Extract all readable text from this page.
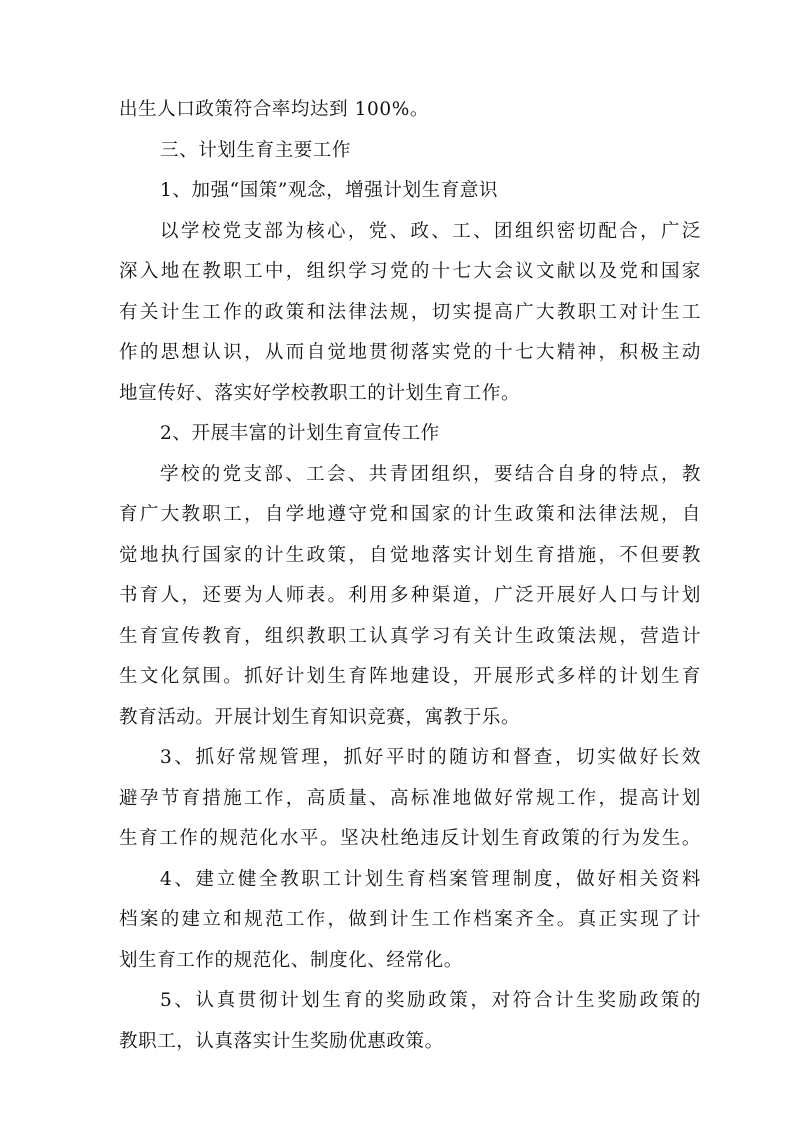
出生人口政策符合率均达到 100%。
三、计划生育主要工作
1、加强“国策”观念，增强计划生育意识
以学校党支部为核心，党、政、工、团组织密切配合，广泛
深入地在教职工中，组织学习党的十七大会议文献以及党和国家
有关计生工作的政策和法律法规，切实提高广大教职工对计生工
作的思想认识，从而自觉地贯彻落实党的十七大精神，积极主动
地宣传好、落实好学校教职工的计划生育工作。
2、开展丰富的计划生育宣传工作
学校的党支部、工会、共青团组织，要结合自身的特点，教
育广大教职工，自学地遵守党和国家的计生政策和法律法规，自
觉地执行国家的计生政策，自觉地落实计划生育措施，不但要教
书育人，还要为人师表。利用多种渠道，广泛开展好人口与计划
生育宣传教育，组织教职工认真学习有关计生政策法规，营造计
生文化氛围。抓好计划生育阵地建设，开展形式多样的计划生育
教育活动。开展计划生育知识竞赛，寓教于乐。
3、抓好常规管理，抓好平时的随访和督查，切实做好长效
避孕节育措施工作，高质量、高标准地做好常规工作，提高计划
生育工作的规范化水平。坚决杜绝违反计划生育政策的行为发生。
4、建立健全教职工计划生育档案管理制度，做好相关资料
档案的建立和规范工作，做到计生工作档案齐全。真正实现了计
划生育工作的规范化、制度化、经常化。
5、认真贯彻计划生育的奖励政策，对符合计生奖励政策的
教职工，认真落实计生奖励优惠政策。
